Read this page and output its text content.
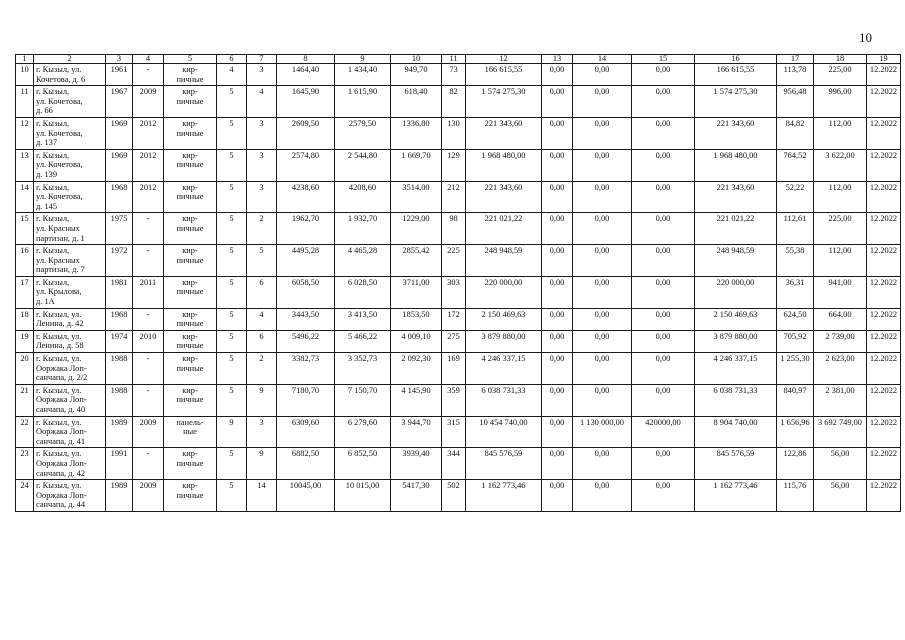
10
1	2	3	4	5	6	7	8	9	10	11	12	13	14	15	16	17	18	19
10	г. Кызыл, ул.
Кочетова, д. 6	1961	-	кир-
пичные	4	3	1464,40	1 434,40	949,70	73	166 615,55	0,00	0,00	0,00	166 615,55	113,78	225,00	12.2022
11	г. Кызыл,
ул. Кочетова,
д. 66	1967	2009	кир-
пичные	5	4	1645,90	1 615,90	618,40	82	1 574 275,30	0,00	0,00	0,00	1 574 275,30	956,48	996,00	12.2022
12	г. Кызыл,
ул. Кочетова,
д. 137	1969	2012	кир-
пичные	5	3	2609,50	2579,50	1336,80	130	221 343,60	0,00	0,00	0,00	221 343,60	84,82	112,00	12.2022
13	г. Кызыл,
ул. Кочетова,
д. 139	1969	2012	кир-
пичные	5	3	2574,80	2 544,80	1 669,70	129	1 968 480,00	0,00	0,00	0,00	1 968 480,00	764,52	3 622,00	12.2022
14	г. Кызыл,
ул. Кочетова,
д. 145	1968	2012	кир-
пичные	5	3	4238,60	4208,60	3514,00	212	221 343,60	0,00	0,00	0,00	221 343,60	52,22	112,00	12.2022
15	г. Кызыл,
ул. Красных
партизан, д. 1	1975	-	кир-
пичные	5	2	1962,70	1 932,70	1229,00	98	221 021,22	0,00	0,00	0,00	221 021,22	112,61	225,00	12.2022
16	г. Кызыл,
ул. Красных
партизан, д. 7	1972	-	кир-
пичные	5	5	4495,28	4 465,28	2855,42	225	248 948,59	0,00	0,00	0,00	248 948,59	55,38	112,00	12.2022
17	г. Кызыл,
ул. Крылова,
д. 1А	1981	2011	кир-
пичные	5	6	6058,50	6 028,50	3711,00	303	220 000,00	0,00	0,00	0,00	220 000,00	36,31	941,00	12.2022
18	г. Кызыл, ул.
Ленина, д. 42	1968	-	кир-
пичные	5	4	3443,50	3 413,50	1853,50	172	2 150 469,63	0,00	0,00	0,00	2 150 469,63	624,50	664,00	12.2022
19	г. Кызыл, ул.
Ленина, д. 58	1974	2010	кир-
пичные	5	6	5496,22	5 466,22	4 009,10	275	3 879 880,00	0,00	0,00	0,00	3 879 880,00	705,92	2 739,00	12.2022
20	г. Кызыл, ул.
Ооржака Лоп-
санчапа, д. 2/2	1988	-	кир-
пичные	5	2	3382,73	3 352,73	2 092,30	169	4 246 337,15	0,00	0,00	0,00	4 246 337,15	1 255,30	2 623,00	12.2022
21	г. Кызыл, ул.
Ооржака Лоп-
санчапа, д. 40	1988	-	кир-
пичные	5	9	7180,70	7 150,70	4 145,90	359	6 038 731,33	0,00	0,00	0,00	6 038 731,33	840,97	2 381,00	12.2022
22	г. Кызыл, ул.
Ооржака Лоп-
санчапа, д. 41	1989	2009	панель-
ные	9	3	6309,60	6 279,60	3 944,70	315	10 454 740,00	0,00	1 130 000,00	420000,00	8 904 740,00	1 656,96	3 692 749,00	12.2022
23	г. Кызыл, ул.
Ооржака Лоп-
санчапа, д. 42	1991	-	кир-
пичные	5	9	6882,50	6 852,50	3939,40	344	845 576,59	0,00	0,00	0,00	845 576,59	122,86	56,00	12.2022
24	г. Кызыл, ул.
Ооржака Лоп-
санчапа, д. 44	1989	2009	кир-
пичные	5	14	10045,00	10 015,00	5417,30	502	1 162 773,46	0,00	0,00	0,00	1 162 773,46	115,76	56,00	12.2022
